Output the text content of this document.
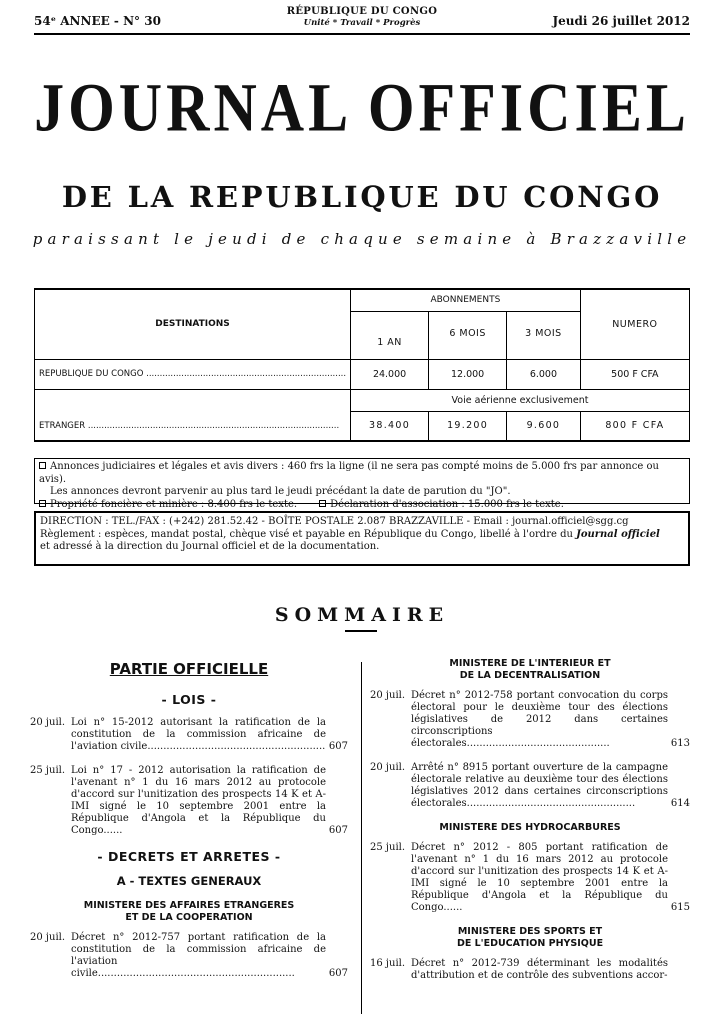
54ᵉ ANNEE - N° 30
RÉPUBLIQUE DU CONGO
Unité * Travail * Progrès	Jeudi 26 juillet 2012
JOURNAL OFFICIEL
DE LA REPUBLIQUE DU CONGO
paraissant le jeudi de chaque semaine à Brazzaville
DESTINATIONS	ABONNEMENTS			NUMERO
	1 AN	6 MOIS	3 MOIS	
REPUBLIQUE DU CONGO ..........................................................................	24.000	12.000	6.000	500 F CFA
	Voie aérienne exclusivement			
ETRANGER .............................................................................................	38.400	19.200	9.600	800 F CFA
Annonces judiciaires et légales et avis divers : 460 frs la ligne (il ne sera pas compté moins de 5.000 frs par annonce ou avis).
Les annonces devront parvenir au plus tard le jeudi précédant la date de parution du "JO".
Propriété foncière et minière : 8.400 frs le texte.	Déclaration d'association : 15.000 frs le texte.
DIRECTION : TEL./FAX : (+242) 281.52.42 - BOÎTE POSTALE 2.087 BRAZZAVILLE - Email : journal.officiel@sgg.cg
Règlement : espèces, mandat postal, chèque visé et payable en République du Congo, libellé à l'ordre du Journal officiel
et adressé à la direction du Journal officiel et de la documentation.
SOMMAIRE
PARTIE OFFICIELLE
- LOIS -
20 juil. Loi n° 15-2012 autorisant la ratification de la constitution de la commission africaine de l'aviation civile........................................................ 607
25 juil. Loi n° 17 - 2012 autorisation la ratification de l'avenant n° 1 du 16 mars 2012 au protocole d'accord sur l'unitization des prospects 14 K et A-IMI signé le 10 septembre 2001 entre la République d'Angola et la République du Congo......	607
- DECRETS ET ARRETES -
A - TEXTES GENERAUX
MINISTERE DES AFFAIRES ETRANGERES
ET DE LA COOPERATION
20 juil. Décret n° 2012-757 portant ratification de la constitution de la commission africaine de l'aviation civile..............................................................	607
MINISTERE DE L'INTERIEUR ET
DE LA DECENTRALISATION
20 juil. Décret n° 2012-758 portant convocation du corps électoral pour le deuxième tour des élections législatives de 2012 dans certaines circonscriptions électorales.............................................	613
20 juil. Arrêté n° 8915 portant ouverture de la campagne électorale relative au deuxième tour des élections législatives 2012 dans certaines circonscriptions électorales.....................................................	614
MINISTERE DES HYDROCARBURES
25 juil. Décret n° 2012 - 805 portant ratification de l'avenant n° 1 du 16 mars 2012 au protocole d'accord sur l'unitization des prospects 14 K et A-IMI signé le 10 septembre 2001 entre la République d'Angola et la République du Congo......	615
MINISTERE DES SPORTS ET
DE L'EDUCATION PHYSIQUE
16 juil. Décret n° 2012-739 déterminant les modalités d'attribution et de contrôle des subventions accor-
